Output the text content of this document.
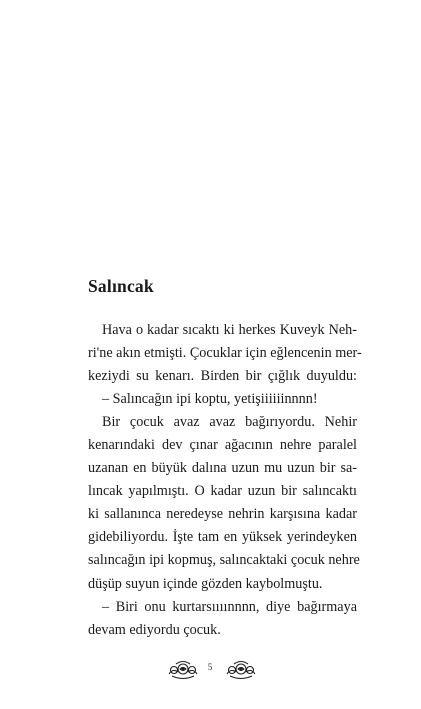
Salıncak
Hava o kadar sıcaktı ki herkes Kuveyk Neh-
ri'ne akın etmişti. Çocuklar için eğlencenin mer-
keziydi su kenarı. Birden bir çığlık duyuldu:
– Salıncağın ipi koptu, yetişiiiiiinnnn!
Bir çocuk avaz avaz bağırıyordu. Nehir
kenarındaki dev çınar ağacının nehre paralel
uzanan en büyük dalına uzun mu uzun bir sa-
lıncak yapılmıştı. O kadar uzun bir salıncaktı
ki sallanınca neredeyse nehrin karşısına kadar
gidebiliyordu. İşte tam en yüksek yerindeyken
salıncağın ipi kopmuş, salıncaktaki çocuk nehre
düşüp suyun içinde gözden kaybolmuştu.
– Biri onu kurtarsıııınnnn, diye bağırmaya
devam ediyordu çocuk.
5
